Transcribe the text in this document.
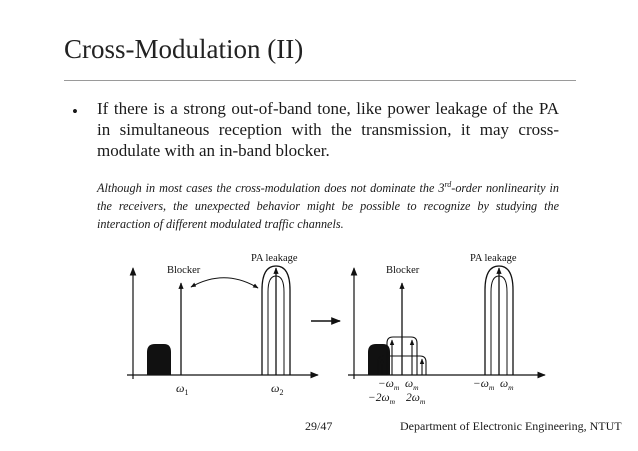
Cross-Modulation (II)
• If there is a strong out-of-band tone, like power leakage of the PA in simultaneous reception with the transmission, it may cross-modulate with an in-band blocker.
Although in most cases the cross-modulation does not dominate the 3rd-order nonlinearity in the receivers, the unexpected behavior might be possible to recognize by studying the interaction of different modulated traffic channels.
Blocker
PA leakage
$\omega_1$	$\omega_2$
Blocker
PA leakage
$-\omega_m$ $\omega_m$
$-2\omega_m$ $2\omega_m$
$-\omega_m$ $\omega_m$
29/47	Department of Electronic Engineering, NTUT
